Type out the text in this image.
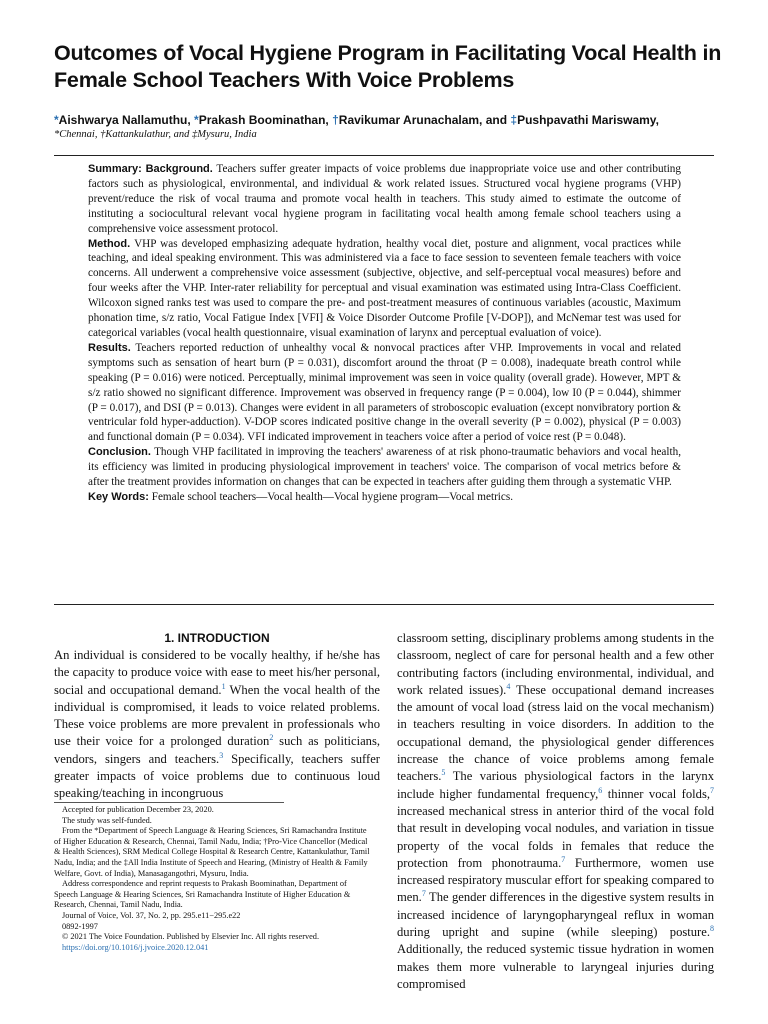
Outcomes of Vocal Hygiene Program in Facilitating Vocal Health in Female School Teachers With Voice Problems
*Aishwarya Nallamuthu, *Prakash Boominathan, †Ravikumar Arunachalam, and ‡Pushpavathi Mariswamy,
*Chennai, †Kattankulathur, and ‡Mysuru, India

Summary: Background. Teachers suffer greater impacts of voice problems due inappropriate voice use and other contributing factors such as physiological, environmental, and individual & work related issues. Structured vocal hygiene programs (VHP) prevent/reduce the risk of vocal trauma and promote vocal health in teachers. This study aimed to estimate the outcome of instituting a sociocultural relevant vocal hygiene program in facilitating vocal health among female school teachers using a comprehensive voice assessment protocol.

Method. VHP was developed emphasizing adequate hydration, healthy vocal diet, posture and alignment, vocal practices while teaching, and ideal speaking environment. This was administered via a face to face session to seventeen female teachers with voice concerns. All underwent a comprehensive voice assessment (subjective, objective, and self-perceptual vocal measures) before and four weeks after the VHP. Inter-rater reliability for perceptual and visual examination was estimated using Intra-Class Coefficient. Wilcoxon signed ranks test was used to compare the pre- and post-treatment measures of continuous variables (acoustic, Maximum phonation time, s/z ratio, Vocal Fatigue Index [VFI] & Voice Disorder Outcome Profile [V-DOP]), and McNemar test was used for categorical variables (vocal health questionnaire, visual examination of larynx and perceptual evaluation of voice).

Results. Teachers reported reduction of unhealthy vocal & nonvocal practices after VHP. Improvements in vocal and related symptoms such as sensation of heart burn (P = 0.031), discomfort around the throat (P = 0.008), inadequate breath control while speaking (P = 0.016) were noticed. Perceptually, minimal improvement was seen in voice quality (overall grade). However, MPT & s/z ratio showed no significant difference. Improvement was observed in frequency range (P = 0.004), low I0 (P = 0.044), shimmer (P = 0.017), and DSI (P = 0.013). Changes were evident in all parameters of stroboscopic evaluation (except nonvibratory portion & ventricular fold hyper-adduction). V-DOP scores indicated positive change in the overall severity (P = 0.002), physical (P = 0.003) and functional domain (P = 0.034). VFI indicated improvement in teachers voice after a period of voice rest (P = 0.048).

Conclusion. Though VHP facilitated in improving the teachers' awareness of at risk phono-traumatic behaviors and vocal health, its efficiency was limited in producing physiological improvement in teachers' voice. The comparison of vocal metrics before & after the treatment provides information on changes that can be expected in teachers after guiding them through a systematic VHP.

Key Words: Female school teachers—Vocal health—Vocal hygiene program—Vocal metrics.

1. INTRODUCTION

An individual is considered to be vocally healthy, if he/she has the capacity to produce voice with ease to meet his/her personal, social and occupational demand.$^1$ When the vocal health of the individual is compromised, it leads to voice related problems. These voice problems are more prevalent in professionals who use their voice for a prolonged duration$^2$ such as politicians, vendors, singers and teachers.$^3$ Specifically, teachers suffer greater impacts of voice problems due to continuous loud speaking/teaching in incongruous

Accepted for publication December 23, 2020.

The study was self-funded.

From the *Department of Speech Language & Hearing Sciences, Sri Ramachandra Institute of Higher Education & Research, Chennai, Tamil Nadu, India; †Pro-Vice Chancellor (Medical & Health Sciences), SRM Medical College Hospital & Research Centre, Kattankulathur, Tamil Nadu, India; and the ‡All India Institute of Speech and Hearing, (Ministry of Health & Family Welfare, Govt. of India), Manasagangothri, Mysuru, India.

Address correspondence and reprint requests to Prakash Boominathan, Department of Speech Language & Hearing Sciences, Sri Ramachandra Institute of Higher Education & Research, Chennai, Tamil Nadu, India.

Journal of Voice, Vol. 37, No. 2, pp. 295.e11−295.e22

0892-1997

© 2021 The Voice Foundation. Published by Elsevier Inc. All rights reserved.

https://doi.org/10.1016/j.jvoice.2020.12.041

classroom setting, disciplinary problems among students in the classroom, neglect of care for personal health and a few other contributing factors (including environmental, individual, and work related issues).$^4$ These occupational demand increases the amount of vocal load (stress laid on the vocal mechanism) in teachers resulting in voice disorders. In addition to the occupational demand, the physiological gender differences increase the chance of voice problems among female teachers.$^5$ The various physiological factors in the larynx include higher fundamental frequency,$^6$ thinner vocal folds,$^7$ increased mechanical stress in anterior third of the vocal fold that result in developing vocal nodules, and variation in tissue property of the vocal folds in females that reduce the protection from phonotrauma.$^7$ Furthermore, women use increased respiratory muscular effort for speaking compared to men.$^7$ The gender differences in the digestive system results in increased incidence of laryngopharyngeal reflux in woman during upright and supine (while sleeping) posture.$^8$ Additionally, the reduced systemic tissue hydration in women makes them more vulnerable to laryngeal injuries during compromised
